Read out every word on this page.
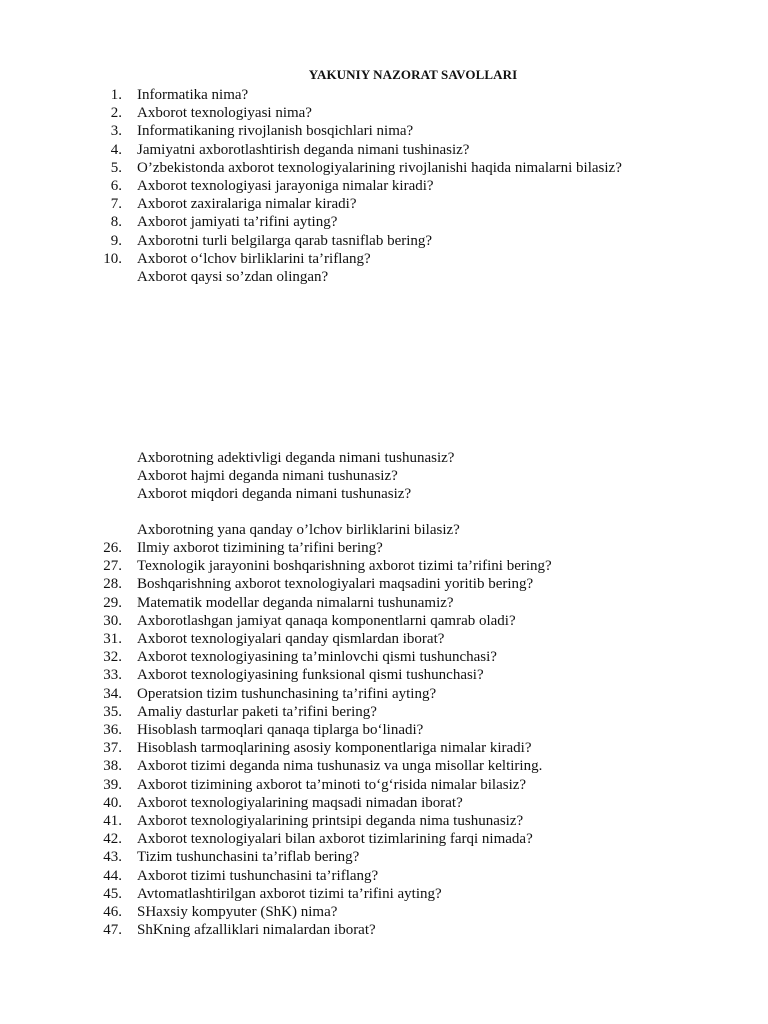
YAKUNIY NAZORAT SAVOLLARI
1. Informatika nima?
2. Axborot texnologiyasi nima?
3. Informatikaning rivojlanish bosqichlari nima?
4. Jamiyatni axborotlashtirish deganda nimani tushinasiz?
5. O’zbekistonda axborot texnologiyalarining rivojlanishi haqida nimalarni bilasiz?
6. Axborot texnologiyasi jarayoniga nimalar kiradi?
7. Axborot zaxiralariga nimalar kiradi?
8. Axborot jamiyati ta’rifini ayting?
9. Axborotni turli belgilarga qarab tasniflab bering?
10. Axborot o‘lchov birliklarini ta’riflang?
Axborot qaysi so’zdan olingan?
Axborotning adektivligi deganda nimani tushunasiz?
Axborot hajmi deganda nimani tushunasiz?
Axborot miqdori deganda nimani tushunasiz?
Axborotning yana qanday o’lchov birliklarini bilasiz?
26. Ilmiy axborot tizimining ta’rifini bering?
27. Texnologik jarayonini boshqarishning axborot tizimi ta’rifini bering?
28. Boshqarishning axborot texnologiyalari maqsadini yoritib bering?
29. Matematik modellar deganda nimalarni tushunamiz?
30. Axborotlashgan jamiyat qanaqa komponentlarni qamrab oladi?
31. Axborot texnologiyalari qanday qismlardan iborat?
32. Axborot texnologiyasining ta’minlovchi qismi tushunchasi?
33. Axborot texnologiyasining funksional qismi tushunchasi?
34. Operatsion tizim tushunchasining ta’rifini ayting?
35. Amaliy dasturlar paketi ta’rifini bering?
36. Hisoblash tarmoqlari qanaqa tiplarga bo‘linadi?
37. Hisoblash tarmoqlarining asosiy komponentlariga nimalar kiradi?
38. Axborot tizimi deganda nima tushunasiz va unga misollar keltiring.
39. Axborot tizimining axborot ta’minoti to‘g‘risida nimalar bilasiz?
40. Axborot texnologiyalarining maqsadi nimadan iborat?
41. Axborot texnologiyalarining printsipi deganda nima tushunasiz?
42. Axborot texnologiyalari bilan axborot tizimlarining farqi nimada?
43. Tizim tushunchasini ta’riflab bering?
44. Axborot tizimi tushunchasini ta’riflang?
45. Avtomatlashtirilgan axborot tizimi ta’rifini ayting?
46. SHaxsiy kompyuter (ShK) nima?
47. ShKning afzalliklari nimalardan iborat?
